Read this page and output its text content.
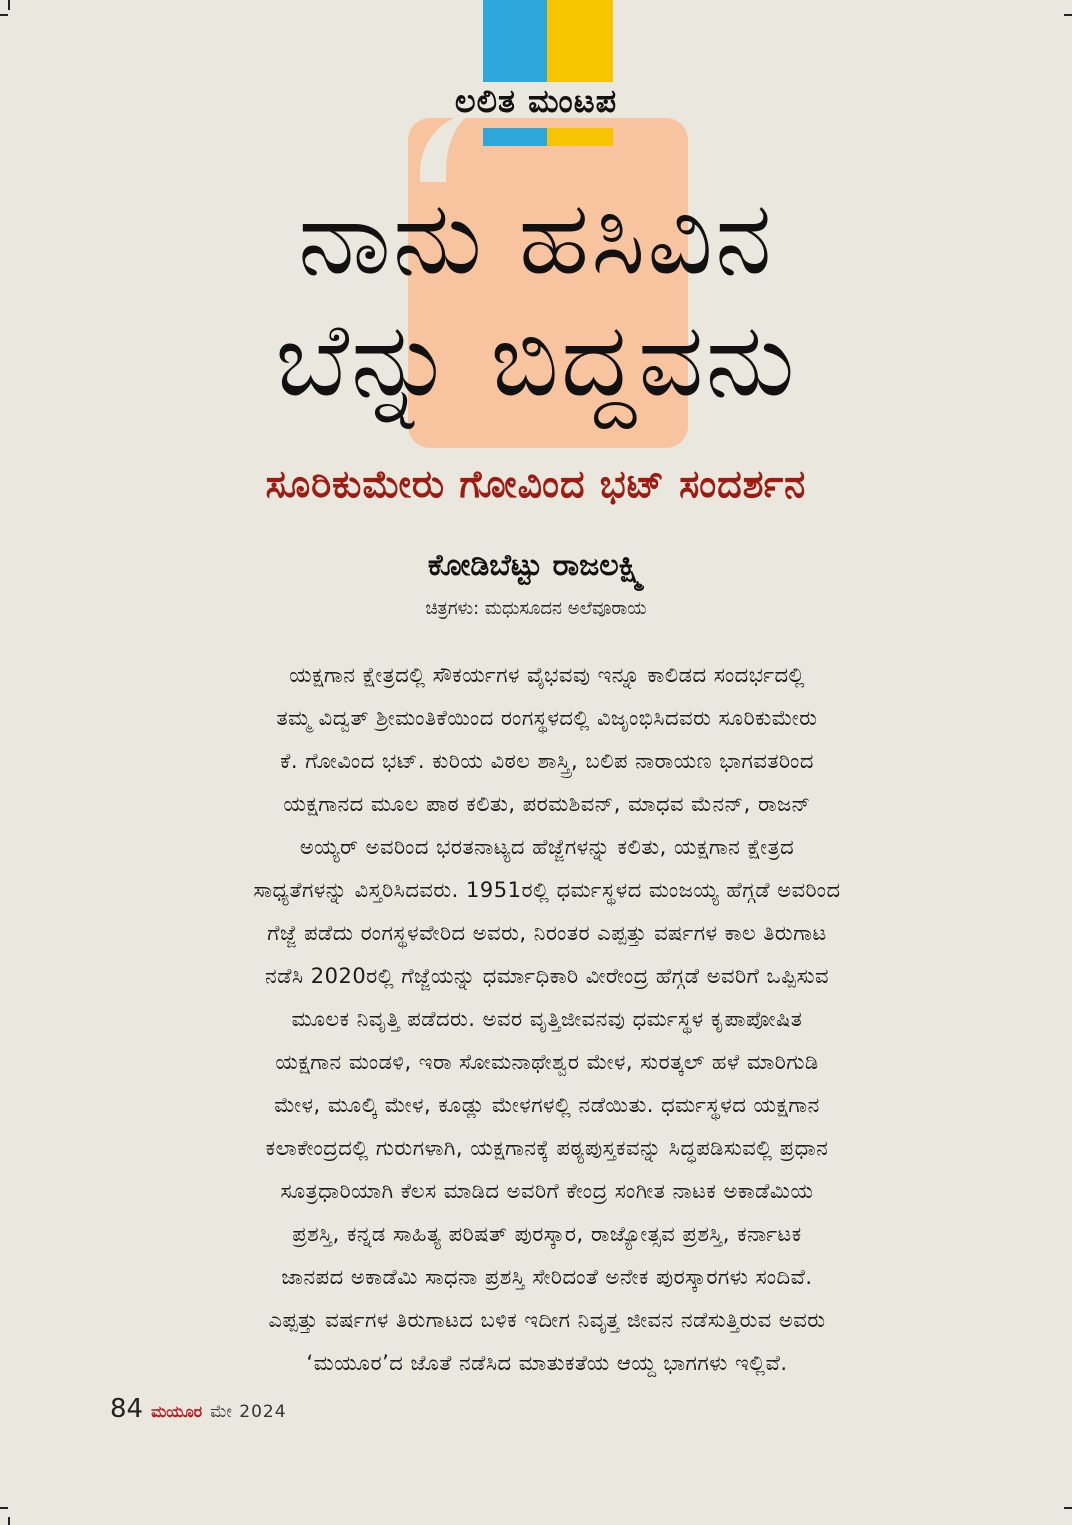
ಲಲಿತ ಮಂಟಪ
ನಾನು ಹಸಿವಿನ
ಬೆನ್ನು ಬಿದ್ದವನು
ಸೂರಿಕುಮೇರು ಗೋವಿಂದ ಭಟ್ ಸಂದರ್ಶನ
ಕೋಡಿಬೆಟ್ಟು ರಾಜಲಕ್ಷ್ಮಿ
ಚಿತ್ರಗಳು: ಮಧುಸೂದನ ಅಲೆವೂರಾಯ
ಯಕ್ಷಗಾನ ಕ್ಷೇತ್ರದಲ್ಲಿ ಸೌಕರ್ಯಗಳ ವೈಭವವು ಇನ್ನೂ ಕಾಲಿಡದ ಸಂದರ್ಭದಲ್ಲಿ
ತಮ್ಮ ವಿದ್ವತ್ ಶ್ರೀಮಂತಿಕೆಯಿಂದ ರಂಗಸ್ಥಳದಲ್ಲಿ ವಿಜೃಂಭಿಸಿದವರು ಸೂರಿಕುಮೇರು
ಕೆ. ಗೋವಿಂದ ಭಟ್. ಕುರಿಯ ವಿಠಲ ಶಾಸ್ತ್ರಿ, ಬಲಿಪ ನಾರಾಯಣ ಭಾಗವತರಿಂದ
ಯಕ್ಷಗಾನದ ಮೂಲ ಪಾಠ ಕಲಿತು, ಪರಮಶಿವನ್, ಮಾಧವ ಮೆನನ್, ರಾಜನ್
ಅಯ್ಯರ್ ಅವರಿಂದ ಭರತನಾಟ್ಯದ ಹೆಜ್ಜೆಗಳನ್ನು ಕಲಿತು, ಯಕ್ಷಗಾನ ಕ್ಷೇತ್ರದ
ಸಾಧ್ಯತೆಗಳನ್ನು ವಿಸ್ತರಿಸಿದವರು. 1951ರಲ್ಲಿ ಧರ್ಮಸ್ಥಳದ ಮಂಜಯ್ಯ ಹೆಗ್ಗಡೆ ಅವರಿಂದ
ಗೆಜ್ಜೆ ಪಡೆದು ರಂಗಸ್ಥಳವೇರಿದ ಅವರು, ನಿರಂತರ ಎಪ್ಪತ್ತು ವರ್ಷಗಳ ಕಾಲ ತಿರುಗಾಟ
ನಡೆಸಿ 2020ರಲ್ಲಿ ಗೆಜ್ಜೆಯನ್ನು ಧರ್ಮಾಧಿಕಾರಿ ವೀರೇಂದ್ರ ಹೆಗ್ಗಡೆ ಅವರಿಗೆ ಒಪ್ಪಿಸುವ
ಮೂಲಕ ನಿವೃತ್ತಿ ಪಡೆದರು. ಅವರ ವೃತ್ತಿಜೀವನವು ಧರ್ಮಸ್ಥಳ ಕೃಪಾಪೋಷಿತ
ಯಕ್ಷಗಾನ ಮಂಡಳಿ, ಇರಾ ಸೋಮನಾಥೇಶ್ವರ ಮೇಳ, ಸುರತ್ಕಲ್ ಹಳೆ ಮಾರಿಗುಡಿ
ಮೇಳ, ಮೂಲ್ಕಿ ಮೇಳ, ಕೂಡ್ಲು ಮೇಳಗಳಲ್ಲಿ ನಡೆಯಿತು. ಧರ್ಮಸ್ಥಳದ ಯಕ್ಷಗಾನ
ಕಲಾಕೇಂದ್ರದಲ್ಲಿ ಗುರುಗಳಾಗಿ, ಯಕ್ಷಗಾನಕ್ಕೆ ಪಠ್ಯಪುಸ್ತಕವನ್ನು ಸಿದ್ಧಪಡಿಸುವಲ್ಲಿ ಪ್ರಧಾನ
ಸೂತ್ರಧಾರಿಯಾಗಿ ಕೆಲಸ ಮಾಡಿದ ಅವರಿಗೆ ಕೇಂದ್ರ ಸಂಗೀತ ನಾಟಕ ಅಕಾಡೆಮಿಯ
ಪ್ರಶಸ್ತಿ, ಕನ್ನಡ ಸಾಹಿತ್ಯ ಪರಿಷತ್ ಪುರಸ್ಕಾರ, ರಾಜ್ಯೋತ್ಸವ ಪ್ರಶಸ್ತಿ, ಕರ್ನಾಟಕ
ಜಾನಪದ ಅಕಾಡೆಮಿ ಸಾಧನಾ ಪ್ರಶಸ್ತಿ ಸೇರಿದಂತೆ ಅನೇಕ ಪುರಸ್ಕಾರಗಳು ಸಂದಿವೆ.
ಎಪ್ಪತ್ತು ವರ್ಷಗಳ ತಿರುಗಾಟದ ಬಳಿಕ ಇದೀಗ ನಿವೃತ್ತ ಜೀವನ ನಡೆಸುತ್ತಿರುವ ಅವರು
‘ಮಯೂರ’ದ ಜೊತೆ ನಡೆಸಿದ ಮಾತುಕತೆಯ ಆಯ್ದ ಭಾಗಗಳು ಇಲ್ಲಿವೆ.
84 ಮಯೂರ ಮೇ 2024
